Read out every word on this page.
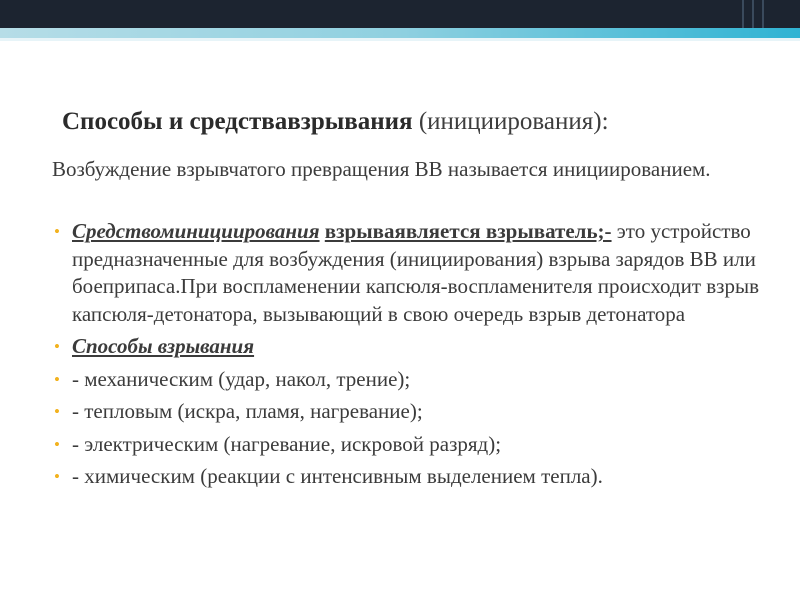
Способы и средствавзрывания (инициирования):
Возбуждение взрывчатого превращения ВВ называется инициированием.
• Средствоминициирования взрываявляется взрыватель;- это устройство предназначенные для возбуждения (инициирования) взрыва зарядов ВВ или боеприпаса.При воспламенении капсюля-воспламенителя происходит взрыв капсюля-детонатора, вызывающий в свою очередь взрыв детонатора
• Способы взрывания
• - механическим (удар, накол, трение);
• - тепловым (искра, пламя, нагревание);
• - электрическим (нагревание, искровой разряд);
• - химическим (реакции с интенсивным выделением тепла).
